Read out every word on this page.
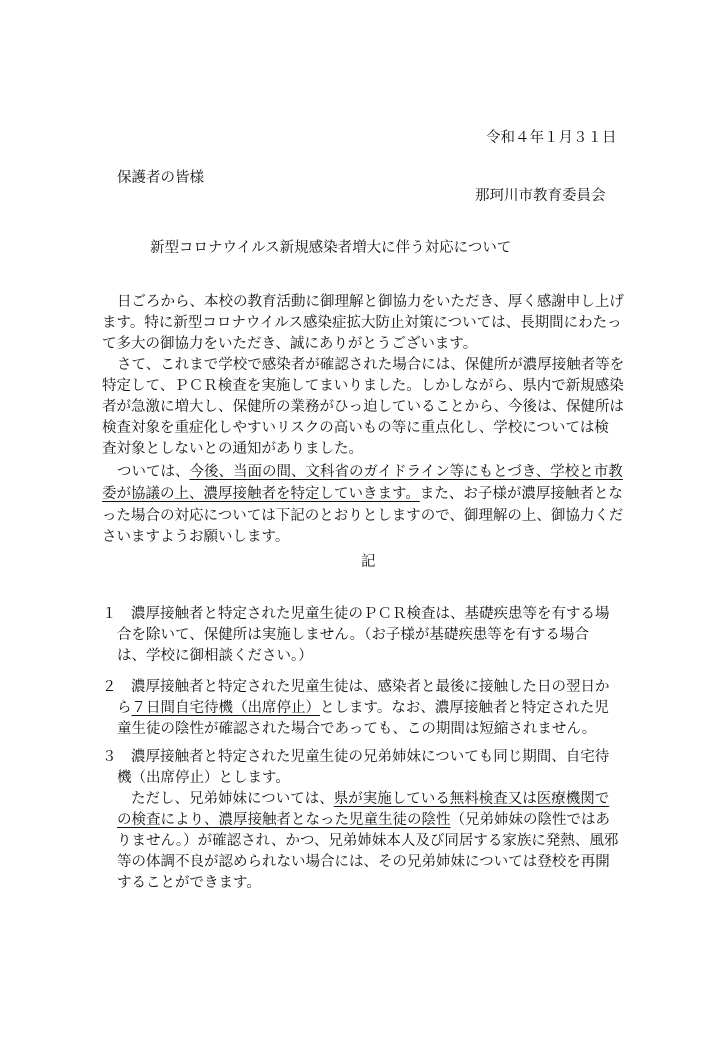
令和４年１月３１日
保護者の皆様
那珂川市教育委員会
新型コロナウイルス新規感染者増大に伴う対応について
日ごろから、本校の教育活動に御理解と御協力をいただき、厚く感謝申し上げ
ます。特に新型コロナウイルス感染症拡大防止対策については、長期間にわたっ
て多大の御協力をいただき、誠にありがとうございます。
さて、これまで学校で感染者が確認された場合には、保健所が濃厚接触者等を
特定して、ＰＣＲ検査を実施してまいりました。しかしながら、県内で新規感染
者が急激に増大し、保健所の業務がひっ迫していることから、今後は、保健所は
検査対象を重症化しやすいリスクの高いもの等に重点化し、学校については検
査対象としないとの通知がありました。
ついては、今後、当面の間、文科省のガイドライン等にもとづき、学校と市教
委が協議の上、濃厚接触者を特定していきます。また、お子様が濃厚接触者とな
った場合の対応については下記のとおりとしますので、御理解の上、御協力くだ
さいますようお願いします。
記
１　濃厚接触者と特定された児童生徒のＰＣＲ検査は、基礎疾患等を有する場
合を除いて、保健所は実施しません。（お子様が基礎疾患等を有する場合
は、学校に御相談ください。）
２　濃厚接触者と特定された児童生徒は、感染者と最後に接触した日の翌日か
ら７日間自宅待機（出席停止）とします。なお、濃厚接触者と特定された児
童生徒の陰性が確認された場合であっても、この期間は短縮されません。
３　濃厚接触者と特定された児童生徒の兄弟姉妹についても同じ期間、自宅待
機（出席停止）とします。
ただし、兄弟姉妹については、県が実施している無料検査又は医療機関で
の検査により、濃厚接触者となった児童生徒の陰性（兄弟姉妹の陰性ではあ
りません。）が確認され、かつ、兄弟姉妹本人及び同居する家族に発熱、風邪
等の体調不良が認められない場合には、その兄弟姉妹については登校を再開
することができます。
